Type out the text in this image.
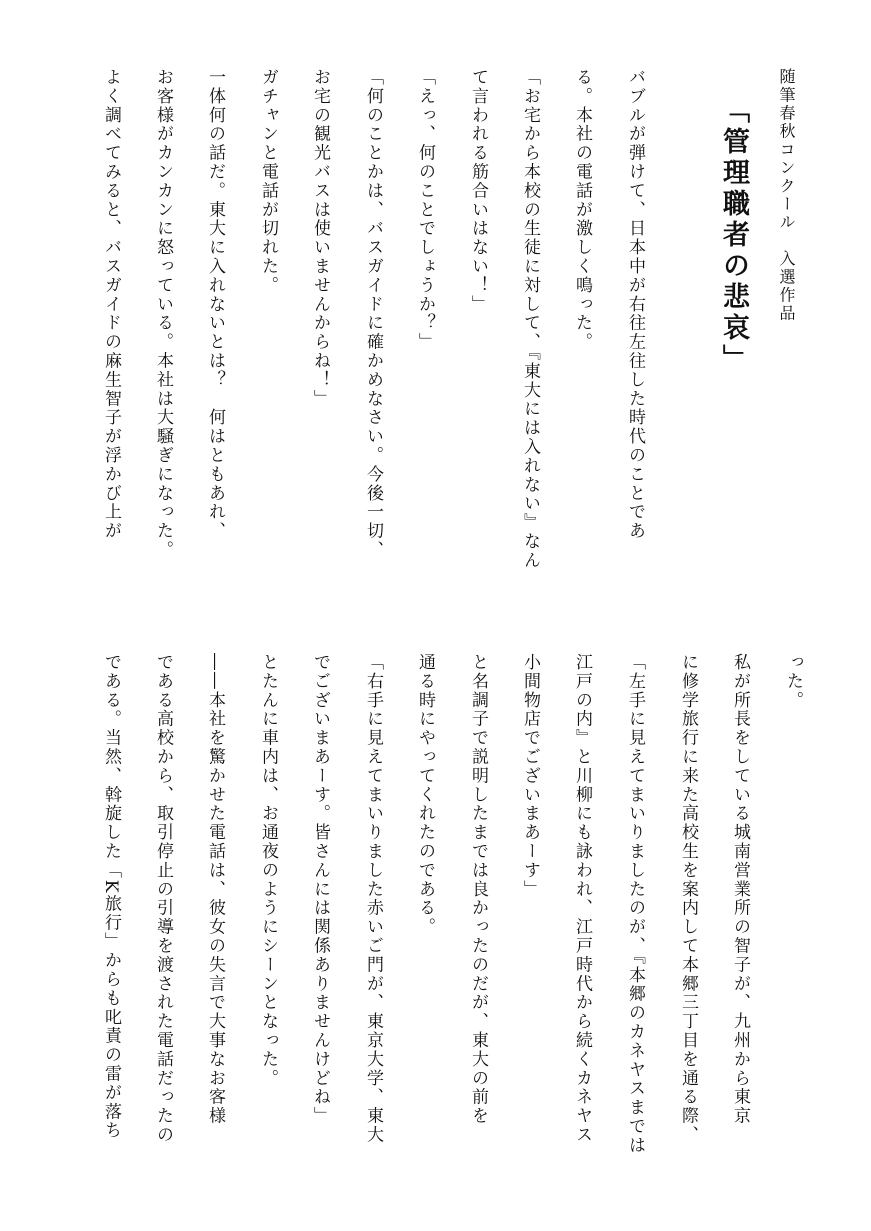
随筆春秋コンクール　入選作品
「管理職者の悲哀」
バブルが弾けて、日本中が右往左往した時代のことであ
る。本社の電話が激しく鳴った。
「お宅から本校の生徒に対して、『東大には入れない』なん
て言われる筋合いはない！」
「えっ、何のことでしょうか？」
「何のことかは、バスガイドに確かめなさい。今後一切、
お宅の観光バスは使いませんからね！」
ガチャンと電話が切れた。
一体何の話だ。東大に入れないとは？　何はともあれ、
お客様がカンカンに怒っている。本社は大騒ぎになった。
よく調べてみると、バスガイドの麻生智子が浮かび上が
った。
私が所長をしている城南営業所の智子が、九州から東京
に修学旅行に来た高校生を案内して本郷三丁目を通る際、
「左手に見えてまいりましたのが、『本郷のカネヤスまでは
江戸の内』と川柳にも詠われ、江戸時代から続くカネヤス
小間物店でございまあーす」
と名調子で説明したまでは良かったのだが、東大の前を
通る時にやってくれたのである。
「右手に見えてまいりました赤いご門が、東京大学、東大
でございまあーす。皆さんには関係ありませんけどね」
とたんに車内は、お通夜のようにシーンとなった。
――本社を驚かせた電話は、彼女の失言で大事なお客様
である高校から、取引停止の引導を渡された電話だったの
である。当然、斡旋した「K旅行」からも叱責の雷が落ち
